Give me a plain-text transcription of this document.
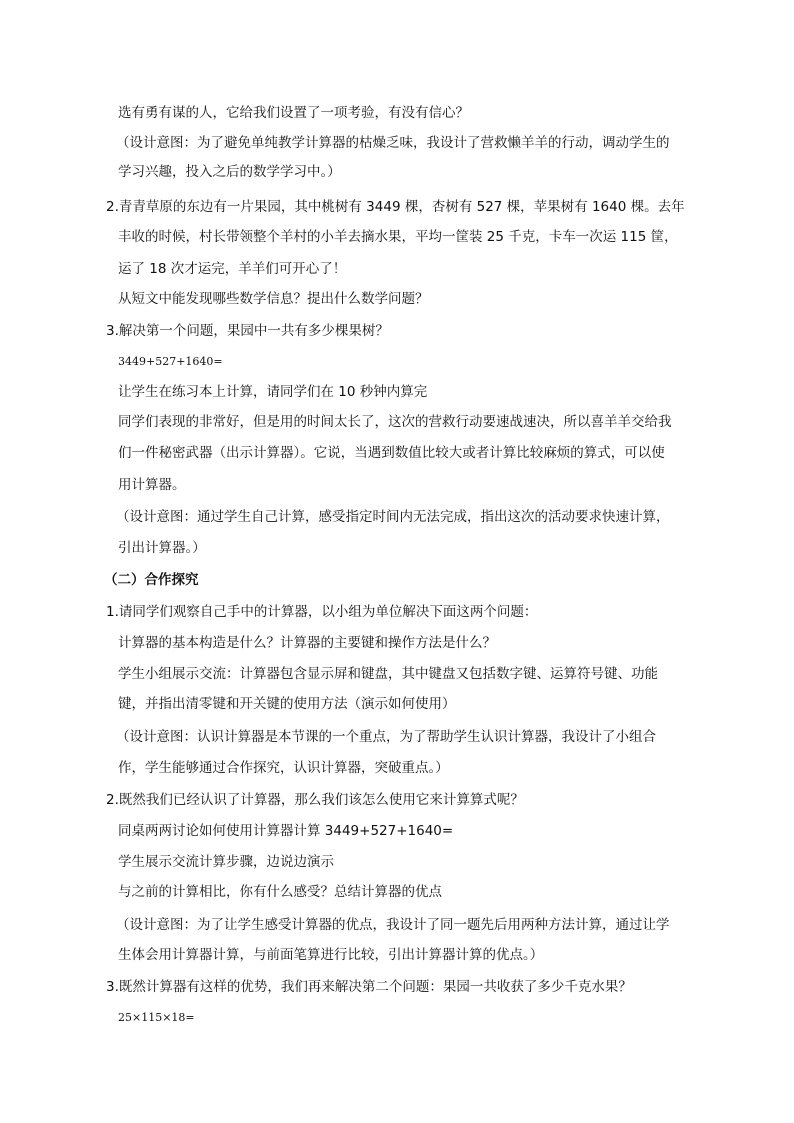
选有勇有谋的人，它给我们设置了一项考验，有没有信心？
（设计意图：为了避免单纯教学计算器的枯燥乏味，我设计了营救懒羊羊的行动，调动学生的
学习兴趣，投入之后的数学学习中。）
2.青青草原的东边有一片果园，其中桃树有 3449 棵，杏树有 527 棵，苹果树有 1640 棵。去年
丰收的时候，村长带领整个羊村的小羊去摘水果，平均一筐装 25 千克，卡车一次运 115 筐，
运了 18 次才运完，羊羊们可开心了！
从短文中能发现哪些数学信息？提出什么数学问题？
3.解决第一个问题，果园中一共有多少棵果树？
3449+527+1640=
让学生在练习本上计算，请同学们在 10 秒钟内算完
同学们表现的非常好，但是用的时间太长了，这次的营救行动要速战速决，所以喜羊羊交给我
们一件秘密武器（出示计算器）。它说，当遇到数值比较大或者计算比较麻烦的算式，可以使
用计算器。
（设计意图：通过学生自己计算，感受指定时间内无法完成，指出这次的活动要求快速计算，
引出计算器。）
（二）合作探究
1.请同学们观察自己手中的计算器，以小组为单位解决下面这两个问题：
计算器的基本构造是什么？计算器的主要键和操作方法是什么？
学生小组展示交流：计算器包含显示屏和键盘，其中键盘又包括数字键、运算符号键、功能
键，并指出清零键和开关键的使用方法（演示如何使用）
（设计意图：认识计算器是本节课的一个重点，为了帮助学生认识计算器，我设计了小组合
作，学生能够通过合作探究，认识计算器，突破重点。）
2.既然我们已经认识了计算器，那么我们该怎么使用它来计算算式呢？
同桌两两讨论如何使用计算器计算 3449+527+1640=
学生展示交流计算步骤，边说边演示
与之前的计算相比，你有什么感受？总结计算器的优点
（设计意图：为了让学生感受计算器的优点，我设计了同一题先后用两种方法计算，通过让学
生体会用计算器计算，与前面笔算进行比较，引出计算器计算的优点。）
3.既然计算器有这样的优势，我们再来解决第二个问题：果园一共收获了多少千克水果？
25×115×18=
